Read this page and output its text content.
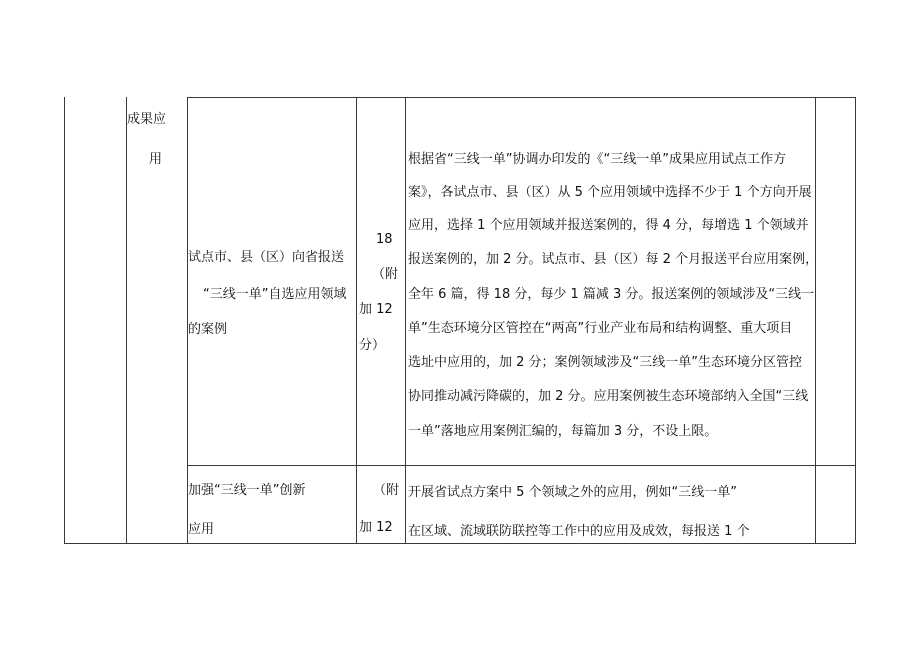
成果应
用
试点市、县（区）向省报送
“三线一单”自选应用领域
的案例
18
（附
加 12
分）
根据省“三线一单”协调办印发的《“三线一单”成果应用试点工作方
案》，各试点市、县（区）从 5 个应用领域中选择不少于 1 个方向开展
应用，选择 1 个应用领域并报送案例的，得 4 分，每增选 1 个领域并
报送案例的，加 2 分。试点市、县（区）每 2 个月报送平台应用案例，
全年 6 篇，得 18 分，每少 1 篇减 3 分。报送案例的领域涉及“三线一
单”生态环境分区管控在“两高”行业产业布局和结构调整、重大项目
选址中应用的，加 2 分；案例领域涉及“三线一单”生态环境分区管控
协同推动减污降碳的，加 2 分。应用案例被生态环境部纳入全国“三线
一单”落地应用案例汇编的，每篇加 3 分，不设上限。
加强“三线一单”创新
应用
（附
加 12
开展省试点方案中 5 个领域之外的应用，例如“三线一单”
在区域、流域联防联控等工作中的应用及成效，每报送 1 个
